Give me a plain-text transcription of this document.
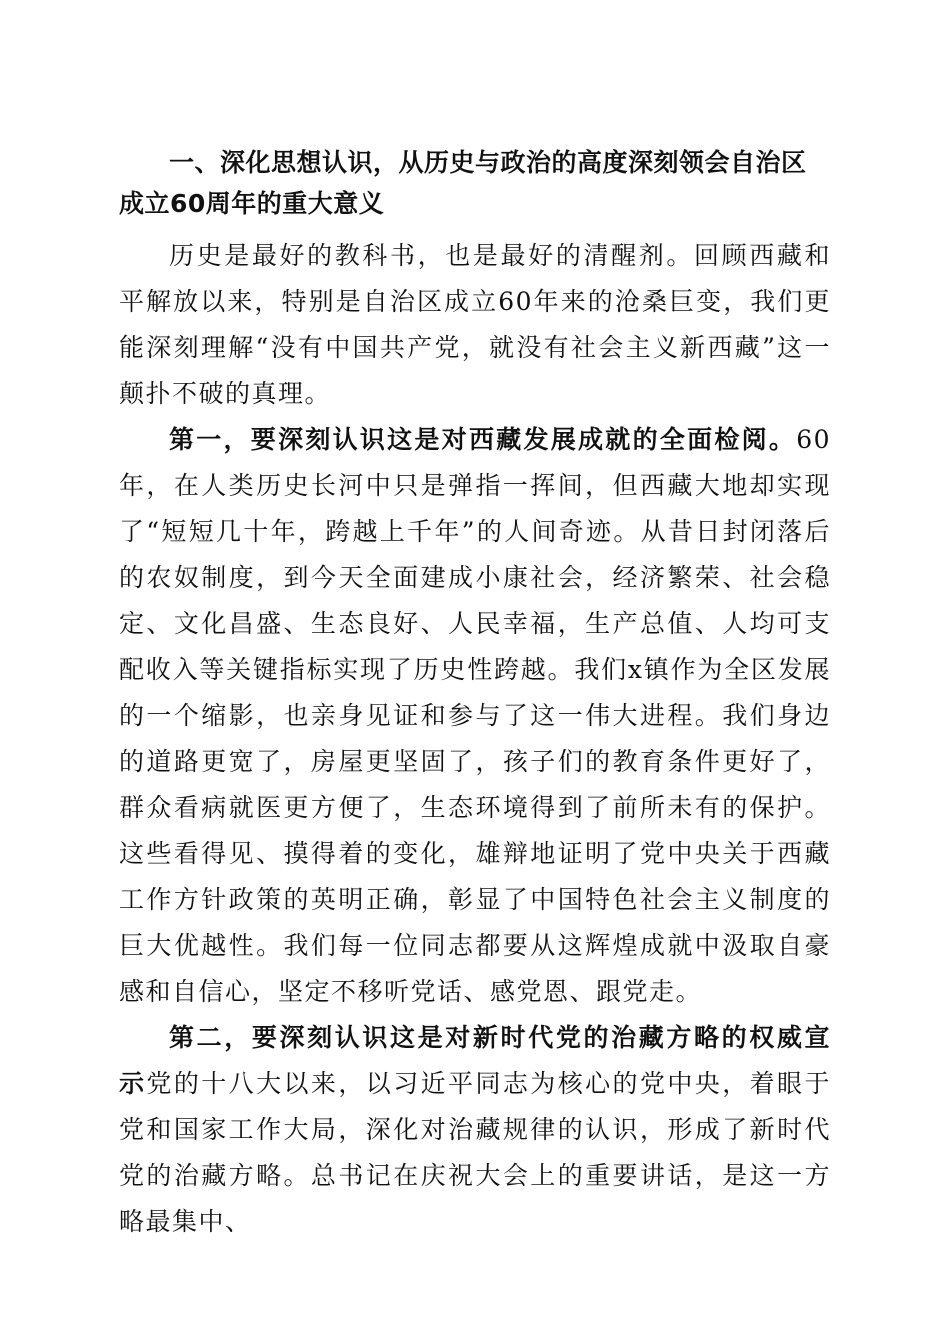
一、深化思想认识，从历史与政治的高度深刻领会自治区
成立60周年的重大意义

历史是最好的教科书，也是最好的清醒剂。回顾西藏和平解放以来，特别是自治区成立60年来的沧桑巨变，我们更能深刻理解“没有中国共产党，就没有社会主义新西藏”这一颠扑不破的真理。

第一，要深刻认识这是对西藏发展成就的全面检阅。60年，在人类历史长河中只是弹指一挥间，但西藏大地却实现了“短短几十年，跨越上千年”的人间奇迹。从昔日封闭落后的农奴制度，到今天全面建成小康社会，经济繁荣、社会稳定、文化昌盛、生态良好、人民幸福，生产总值、人均可支配收入等关键指标实现了历史性跨越。我们x镇作为全区发展的一个缩影，也亲身见证和参与了这一伟大进程。我们身边的道路更宽了，房屋更坚固了，孩子们的教育条件更好了，群众看病就医更方便了，生态环境得到了前所未有的保护。这些看得见、摸得着的变化，雄辩地证明了党中央关于西藏工作方针政策的英明正确，彰显了中国特色社会主义制度的巨大优越性。我们每一位同志都要从这辉煌成就中汲取自豪感和自信心，坚定不移听党话、感党恩、跟党走。

第二，要深刻认识这是对新时代党的治藏方略的权威宣示党的十八大以来，以习近平同志为核心的党中央，着眼于党和国家工作大局，深化对治藏规律的认识，形成了新时代党的治藏方略。总书记在庆祝大会上的重要讲话，是这一方略最集中、
